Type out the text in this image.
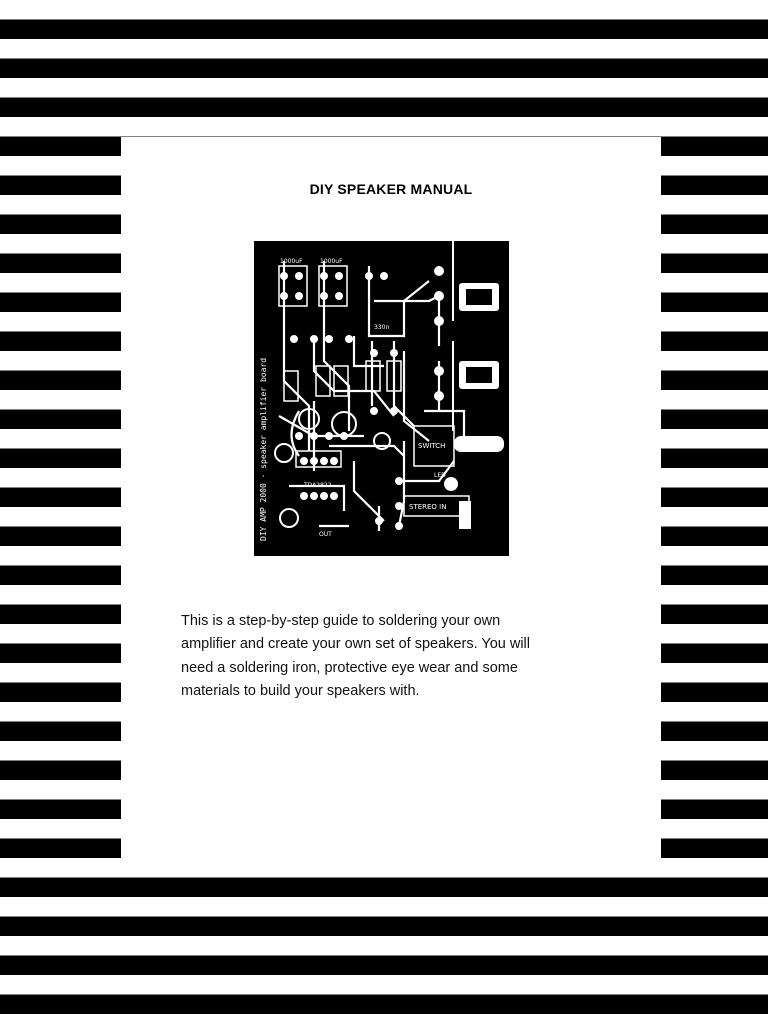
DIY SPEAKER MANUAL
DIY AMP 2000 · speaker amplifier board
1000uF	1000uF
330n
TDA2822
SWITCH
LED
STEREO IN
OUT
This is a step-by-step guide to soldering your own
amplifier and create your own set of speakers. You will
need a soldering iron, protective eye wear and some
materials to build your speakers with.
